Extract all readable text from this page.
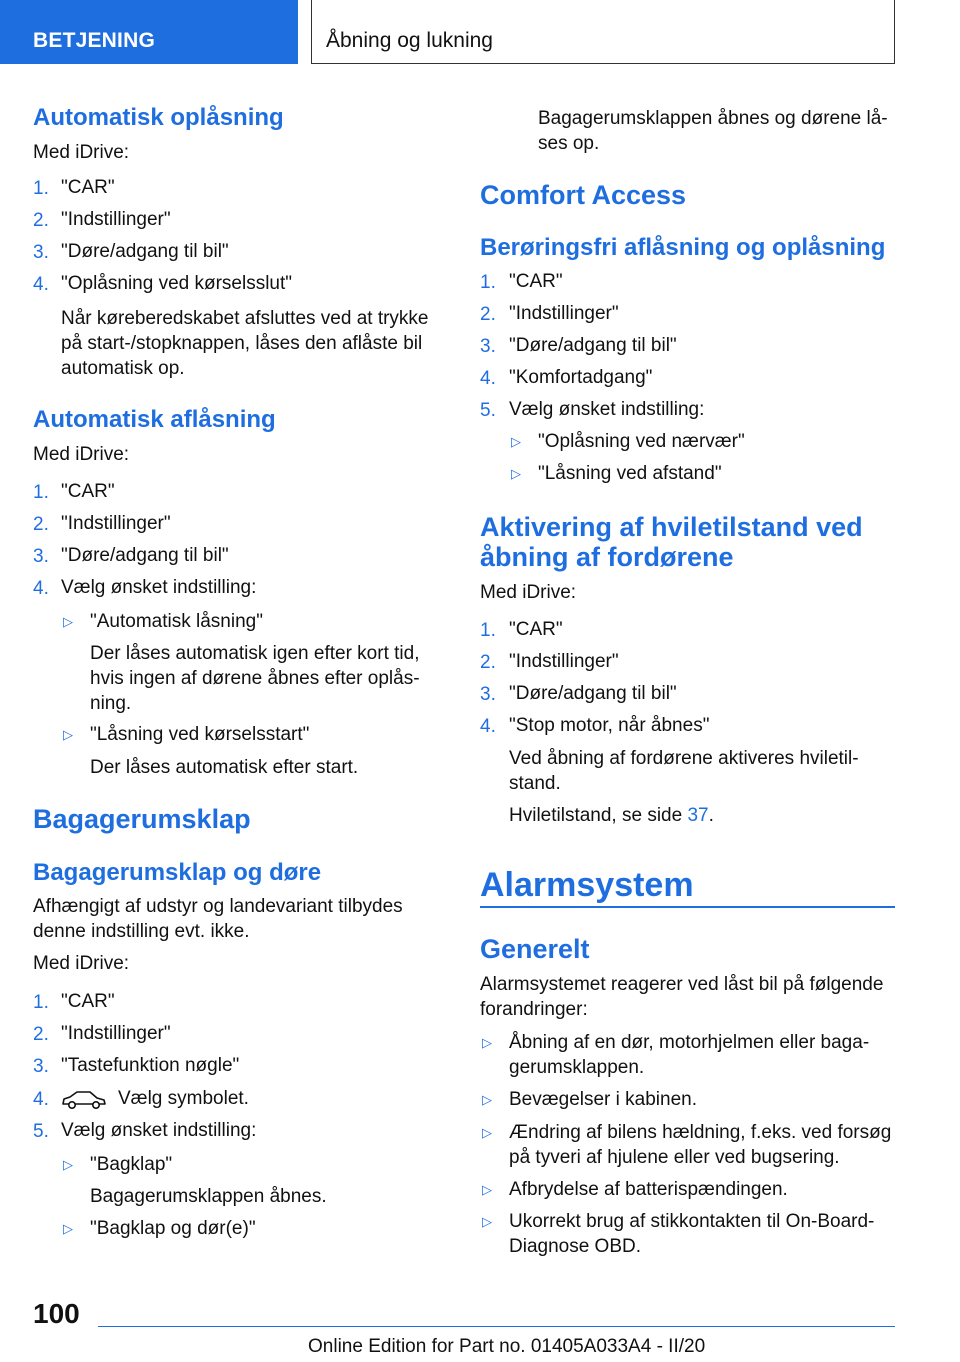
BETJENING	Åbning og lukning
Automatisk oplåsning
Med iDrive:
1. "CAR"
2. "Indstillinger"
3. "Døre/adgang til bil"
4. "Oplåsning ved kørselsslut"
Når køreberedskabet afsluttes ved at trykke
på start-/stopknappen, låses den aflåste bil
automatisk op.
Automatisk aflåsning
Med iDrive:
1. "CAR"
2. "Indstillinger"
3. "Døre/adgang til bil"
4. Vælg ønsket indstilling:
▷ "Automatisk låsning"
Der låses automatisk igen efter kort tid,
hvis ingen af dørene åbnes efter oplås-
ning.
▷ "Låsning ved kørselsstart"
Der låses automatisk efter start.
Bagagerumsklap
Bagagerumsklap og døre
Afhængigt af udstyr og landevariant tilbydes
denne indstilling evt. ikke.
Med iDrive:
1. "CAR"
2. "Indstillinger"
3. "Tastefunktion nøgle"
4.	Vælg symbolet.
5. Vælg ønsket indstilling:
▷ "Bagklap"
Bagagerumsklappen åbnes.
▷ "Bagklap og dør(e)"
Bagagerumsklappen åbnes og dørene lå-
ses op.
Comfort Access
Berøringsfri aflåsning og oplåsning
1. "CAR"
2. "Indstillinger"
3. "Døre/adgang til bil"
4. "Komfortadgang"
5. Vælg ønsket indstilling:
▷ "Oplåsning ved nærvær"
▷ "Låsning ved afstand"
Aktivering af hviletilstand ved
åbning af fordørene
Med iDrive:
1. "CAR"
2. "Indstillinger"
3. "Døre/adgang til bil"
4. "Stop motor, når åbnes"
Ved åbning af fordørene aktiveres hviletil-
stand.
Hviletilstand, se side 37.
Alarmsystem
Generelt
Alarmsystemet reagerer ved låst bil på følgende
forandringer:
▷ Åbning af en dør, motorhjelmen eller baga-
gerumsklappen.
▷ Bevægelser i kabinen.
▷ Ændring af bilens hældning, f.eks. ved forsøg
på tyveri af hjulene eller ved bugsering.
▷ Afbrydelse af batterispændingen.
▷ Ukorrekt brug af stikkontakten til On-Board-
Diagnose OBD.
100
Online Edition for Part no. 01405A033A4 - II/20
